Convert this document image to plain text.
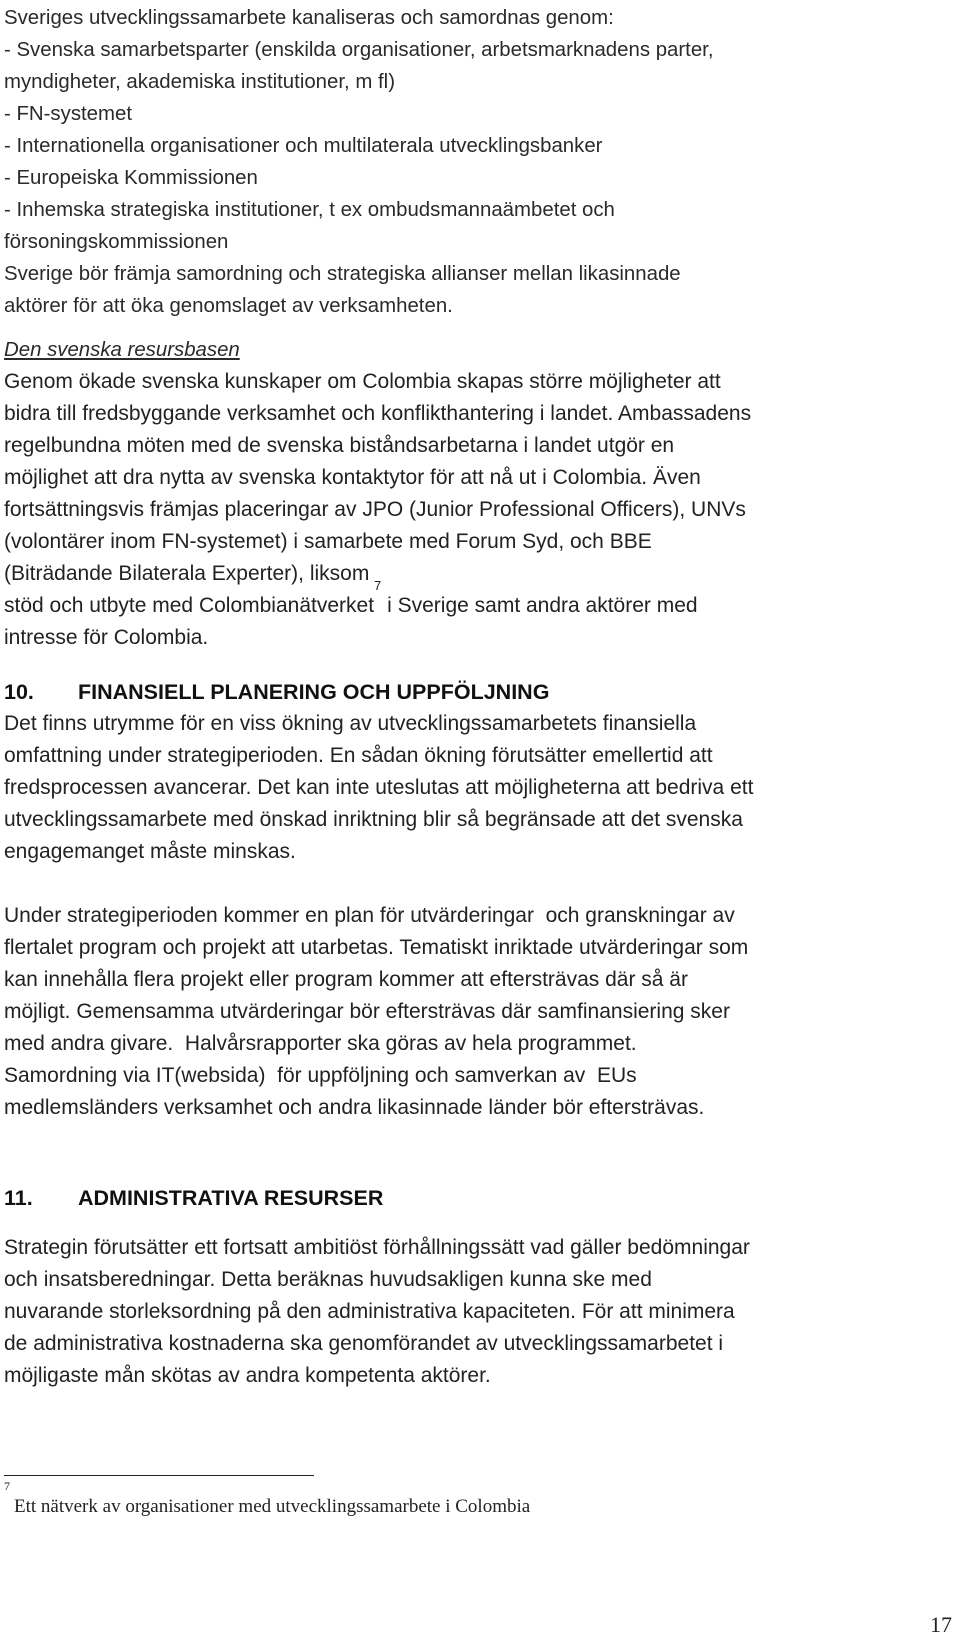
Sveriges utvecklingssamarbete kanaliseras och samordnas genom:

- Svenska samarbetsparter (enskilda organisationer, arbetsmarknadens parter,

myndigheter, akademiska institutioner, m fl)

- FN-systemet

- Internationella organisationer och multilaterala utvecklingsbanker

- Europeiska Kommissionen

- Inhemska strategiska institutioner, t ex ombudsmannaämbetet och

försoningskommissionen

Sverige bör främja samordning och strategiska allianser mellan likasinnade

aktörer för att öka genomslaget av verksamheten.

Den svenska resursbasen

Genom ökade svenska kunskaper om Colombia skapas större möjligheter att

bidra till fredsbyggande verksamhet och konflikthantering i landet. Ambassadens

regelbundna möten med de svenska biståndsarbetarna i landet utgör en

möjlighet att dra nytta av svenska kontaktytor för att nå ut i Colombia. Även

fortsättningsvis främjas placeringar av JPO (Junior Professional Officers), UNVs

(volontärer inom FN-systemet) i samarbete med Forum Syd, och BBE

(Biträdande Bilaterala Experter), liksom

stöd och utbyte med Colombianätverket$^7$ i Sverige samt andra aktörer med

intresse för Colombia.

10.	FINANSIELL PLANERING OCH UPPFÖLJNING

Det finns utrymme för en viss ökning av utvecklingssamarbetets finansiella

omfattning under strategiperioden. En sådan ökning förutsätter emellertid att

fredsprocessen avancerar. Det kan inte uteslutas att möjligheterna att bedriva ett

utvecklingssamarbete med önskad inriktning blir så begränsade att det svenska

engagemanget måste minskas.

Under strategiperioden kommer en plan för utvärderingar  och granskningar av

flertalet program och projekt att utarbetas. Tematiskt inriktade utvärderingar som

kan innehålla flera projekt eller program kommer att eftersträvas där så är

möjligt. Gemensamma utvärderingar bör eftersträvas där samfinansiering sker

med andra givare.  Halvårsrapporter ska göras av hela programmet.

Samordning via IT(websida)  för uppföljning och samverkan av  EUs

medlemsländers verksamhet och andra likasinnade länder bör eftersträvas.

11.	ADMINISTRATIVA RESURSER

Strategin förutsätter ett fortsatt ambitiöst förhållningssätt vad gäller bedömningar

och insatsberedningar. Detta beräknas huvudsakligen kunna ske med

nuvarande storleksordning på den administrativa kapaciteten. För att minimera

de administrativa kostnaderna ska genomförandet av utvecklingssamarbetet i

möjligaste mån skötas av andra kompetenta aktörer.

$^7$Ett nätverk av organisationer med utvecklingssamarbete i Colombia
17
